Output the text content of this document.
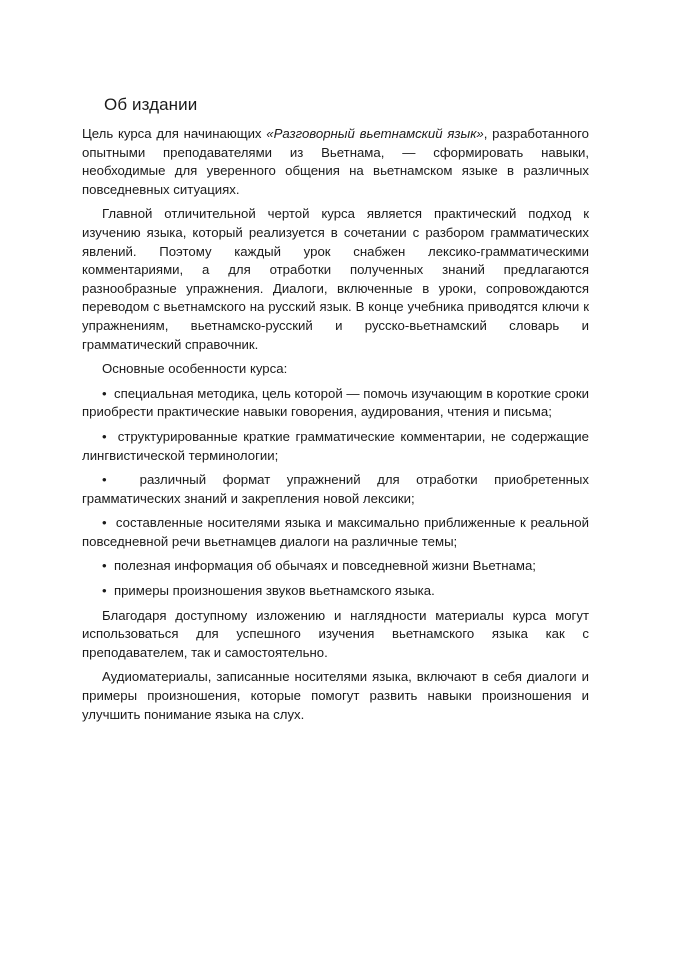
Об издании

Цель курса для начинающих «Разговорный вьетнамский язык», разработанного опытными преподавателями из Вьетнама, — сформировать навыки, необходимые для уверенного общения на вьетнамском языке в различных повседневных ситуациях.

Главной отличительной чертой курса является практический подход к изучению языка, который реализуется в сочетании с разбором грамматических явлений. Поэтому каждый урок снабжен лексико-грамматическими комментариями, а для отработки полученных знаний предлагаются разнообразные упражнения. Диалоги, включенные в уроки, сопровождаются переводом с вьетнамского на русский язык. В конце учебника приводятся ключи к упражнениям, вьетнамско-русский и русско-вьетнамский словарь и грамматический справочник.

Основные особенности курса:

• специальная методика, цель которой — помочь изучающим в короткие сроки приобрести практические навыки говорения, аудирования, чтения и письма;

• структурированные краткие грамматические комментарии, не содержащие лингвистической терминологии;

•	различный формат упражнений для отработки приобретенных грамматических знаний и закрепления новой лексики;

• составленные носителями языка и максимально приближенные к реальной повседневной речи вьетнамцев диалоги на различные темы;

• полезная информация об обычаях и повседневной жизни Вьетнама;

• примеры произношения звуков вьетнамского языка.

Благодаря доступному изложению и наглядности материалы курса могут использоваться для успешного изучения вьетнамского языка как с преподавателем, так и самостоятельно.

Аудиоматериалы, записанные носителями языка, включают в себя диалоги и примеры произношения, которые помогут развить навыки произношения и улучшить понимание языка на слух.
